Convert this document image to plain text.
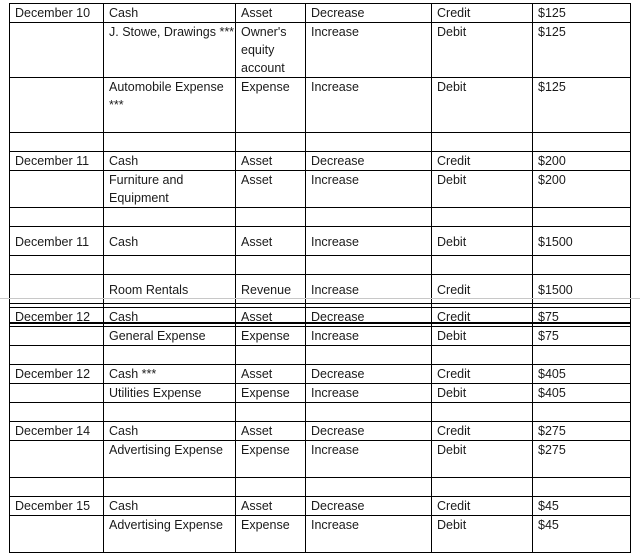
December 10	Cash	Asset	Decrease	Credit	$125
	J. Stowe, Drawings ***	Owner's equity account	Increase	Debit	$125
	Automobile Expense ***	Expense	Increase	Debit	$125

December 11	Cash	Asset	Decrease	Credit	$200
	Furniture and Equipment	Asset	Increase	Debit	$200

December 11	Cash	Asset	Increase	Debit	$1500

	Room Rentals	Revenue	Increase	Credit	$1500

December 12	Cash	Asset	Decrease	Credit	$75
	General Expense	Expense	Increase	Debit	$75

December 12	Cash ***	Asset	Decrease	Credit	$405
	Utilities Expense	Expense	Increase	Debit	$405

December 14	Cash	Asset	Decrease	Credit	$275
	Advertising Expense	Expense	Increase	Debit	$275

December 15	Cash	Asset	Decrease	Credit	$45
	Advertising Expense	Expense	Increase	Debit	$45
